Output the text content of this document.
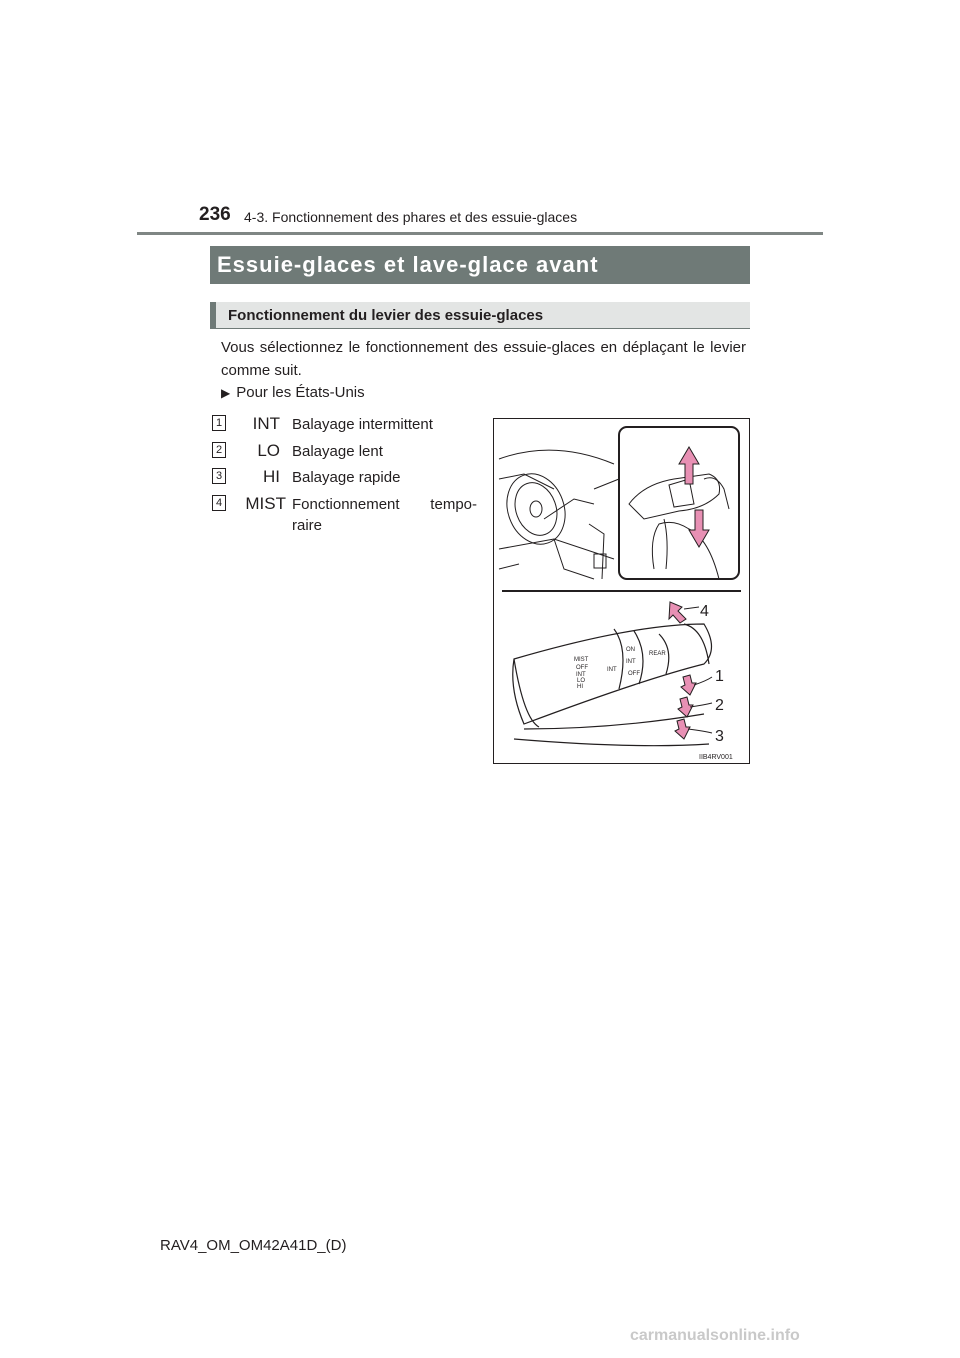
236 4-3. Fonctionnement des phares et des essuie-glaces
Essuie-glaces et lave-glace avant
Fonctionnement du levier des essuie-glaces
Vous sélectionnez le fonctionnement des essuie-glaces en déplaçant le levier comme suit.
▶ Pour les États-Unis
1	INT Balayage intermittent
2	LO Balayage lent
3	HI Balayage rapide
4	MIST Fonctionnement tempo-raire
MIST
OFF
INT
LO
HI
INT
ON
INT
OFF
REAR
4
1
2
3
IIB4RV001
RAV4_OM_OM42A41D_(D)
carmanualsonline.info
